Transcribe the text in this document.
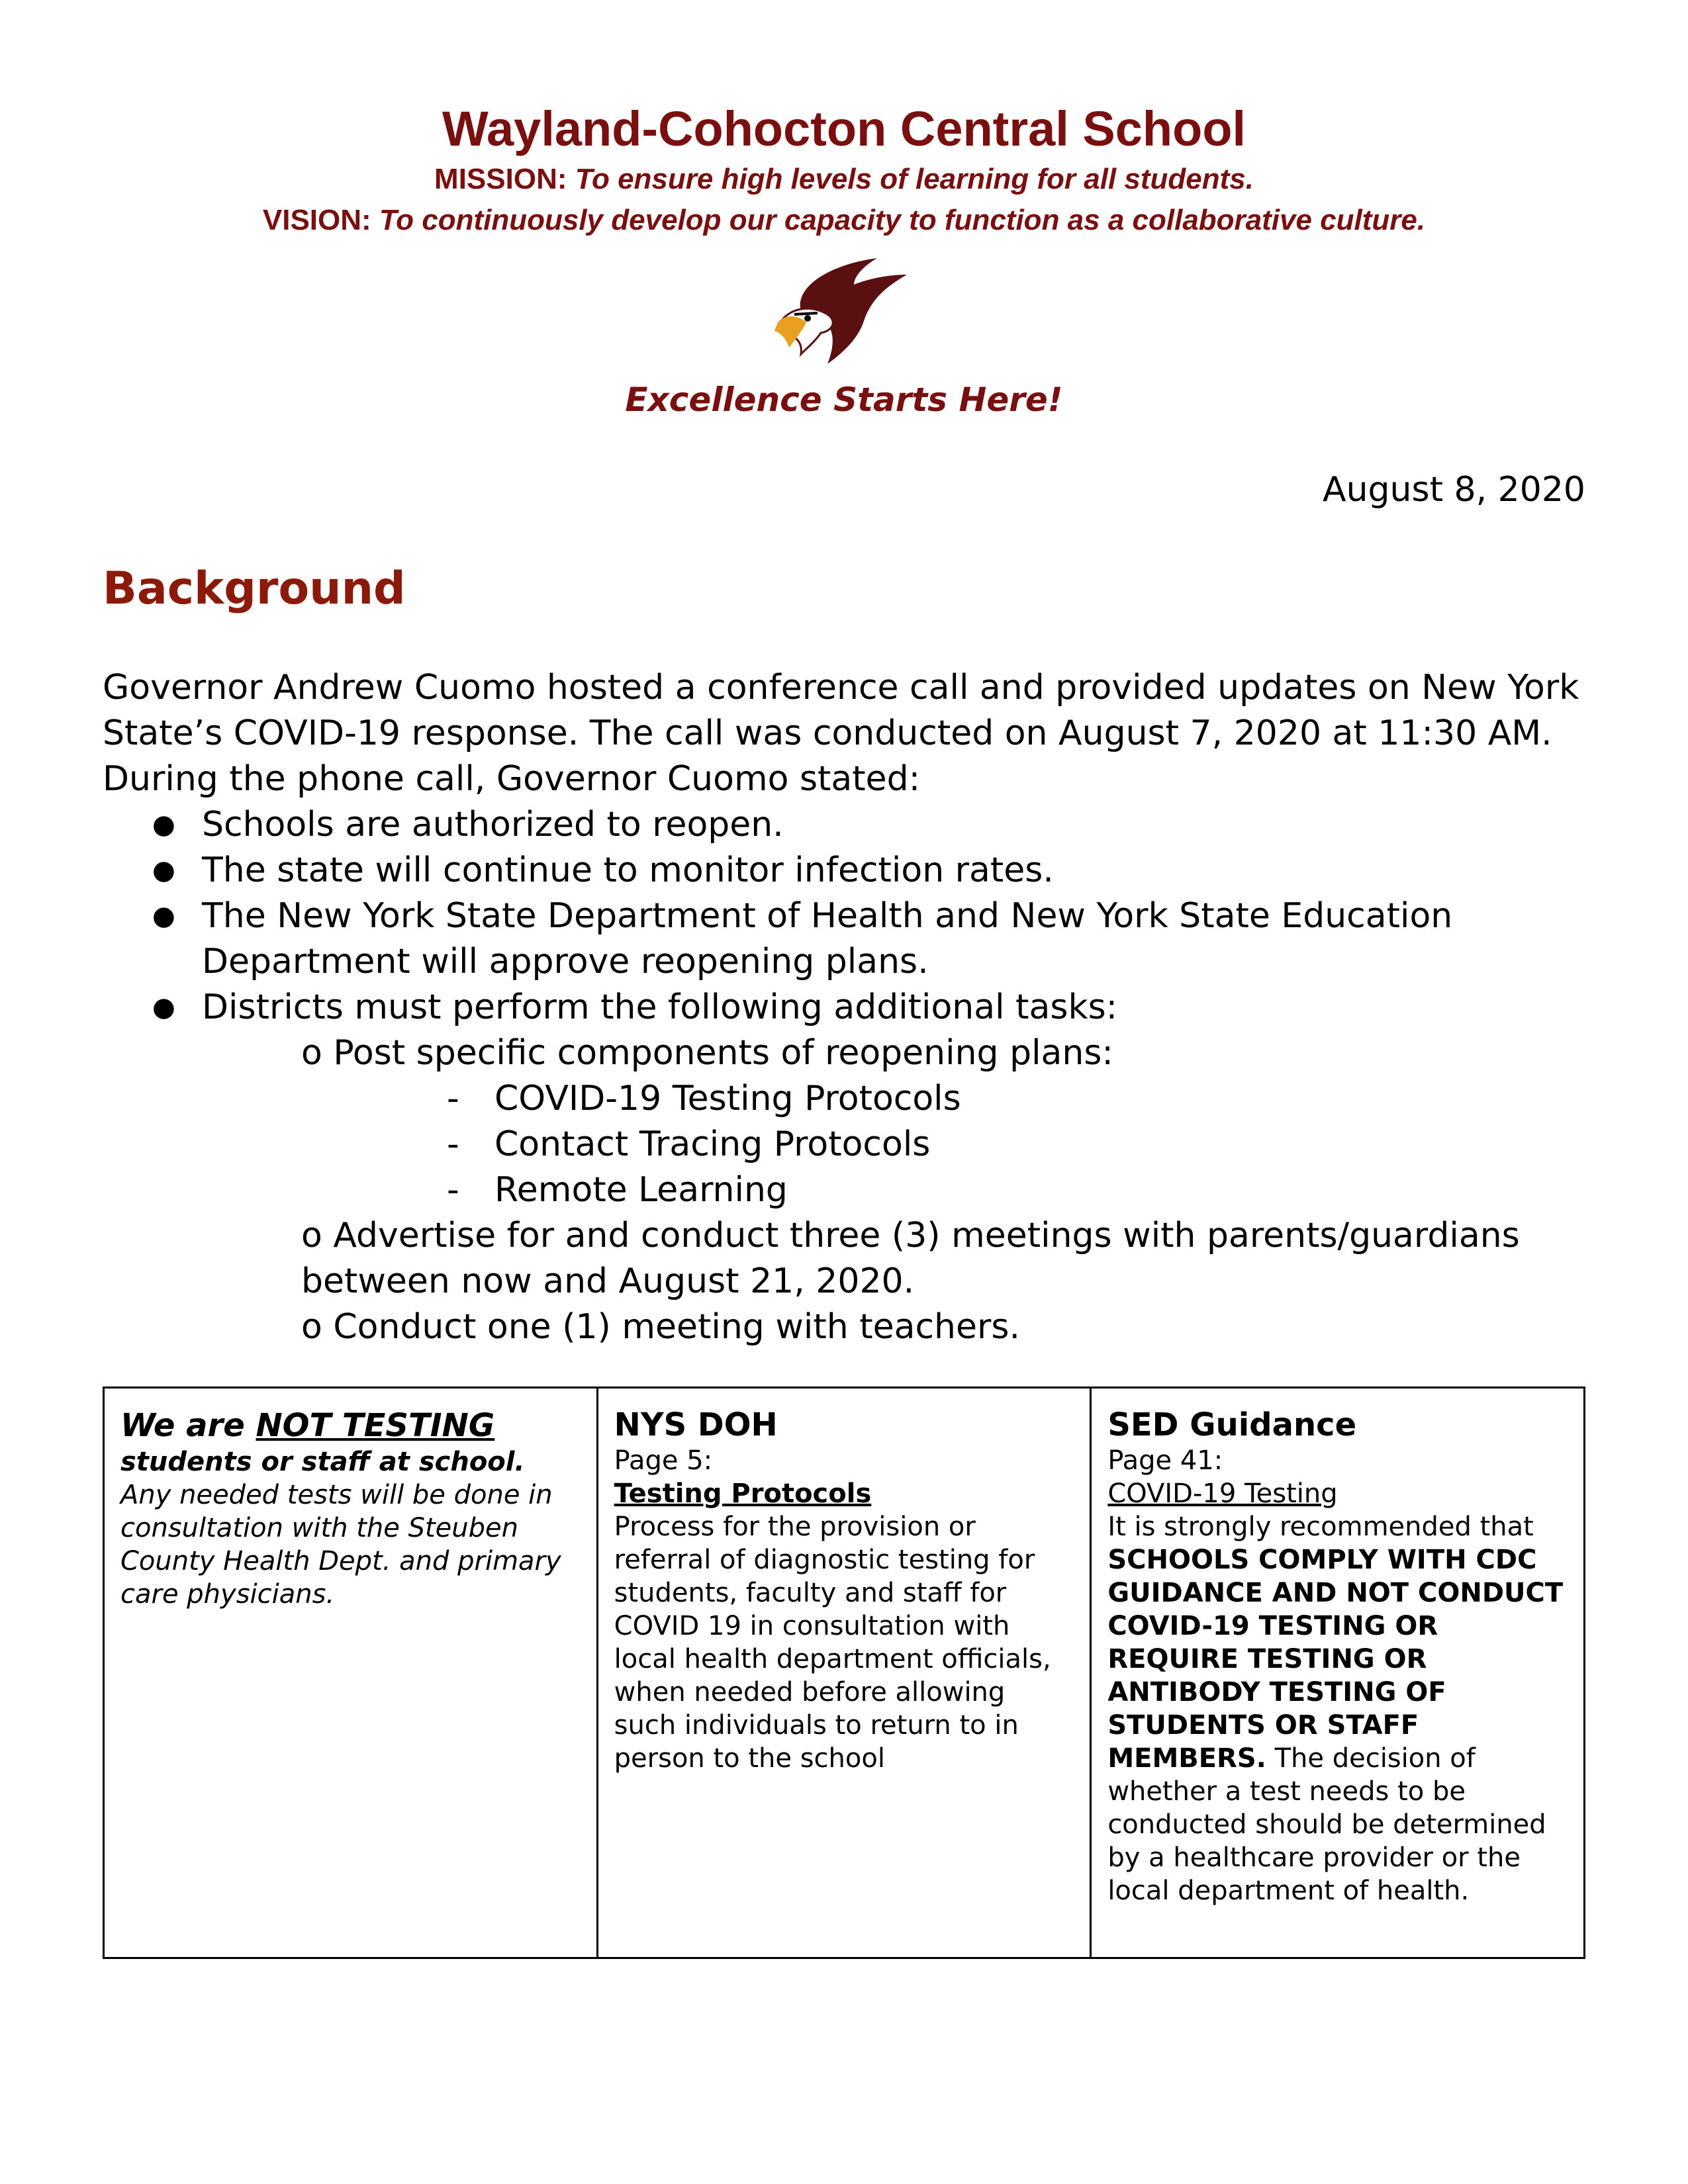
Wayland-Cohocton Central School
MISSION: To ensure high levels of learning for all students.
VISION: To continuously develop our capacity to function as a collaborative culture.
Excellence Starts Here!
August 8, 2020
Background

Governor Andrew Cuomo hosted a conference call and provided updates on New York State’s COVID-19 response. The call was conducted on August 7, 2020 at 11:30 AM. During the phone call, Governor Cuomo stated:

● Schools are authorized to reopen.
● The state will continue to monitor infection rates.
● The New York State Department of Health and New York State Education Department will approve reopening plans.
● Districts must perform the following additional tasks:
o Post specific components of reopening plans:
- COVID-19 Testing Protocols
- Contact Tracing Protocols
- Remote Learning
o Advertise for and conduct three (3) meetings with parents/guardians between now and August 21, 2020.
o Conduct one (1) meeting with teachers.
We are NOT TESTING
students or staff at school. Any needed tests will be done in consultation with the Steuben County Health Dept. and primary care physicians.

NYS DOH
Page 5:
Testing Protocols
Process for the provision or referral of diagnostic testing for students, faculty and staff for COVID 19 in consultation with local health department officials, when needed before allowing such individuals to return to in person to the school

SED Guidance
Page 41:
COVID-19 Testing
It is strongly recommended that SCHOOLS COMPLY WITH CDC GUIDANCE AND NOT CONDUCT COVID-19 TESTING OR REQUIRE TESTING OR ANTIBODY TESTING OF STUDENTS OR STAFF MEMBERS. The decision of whether a test needs to be conducted should be determined by a healthcare provider or the local department of health.
